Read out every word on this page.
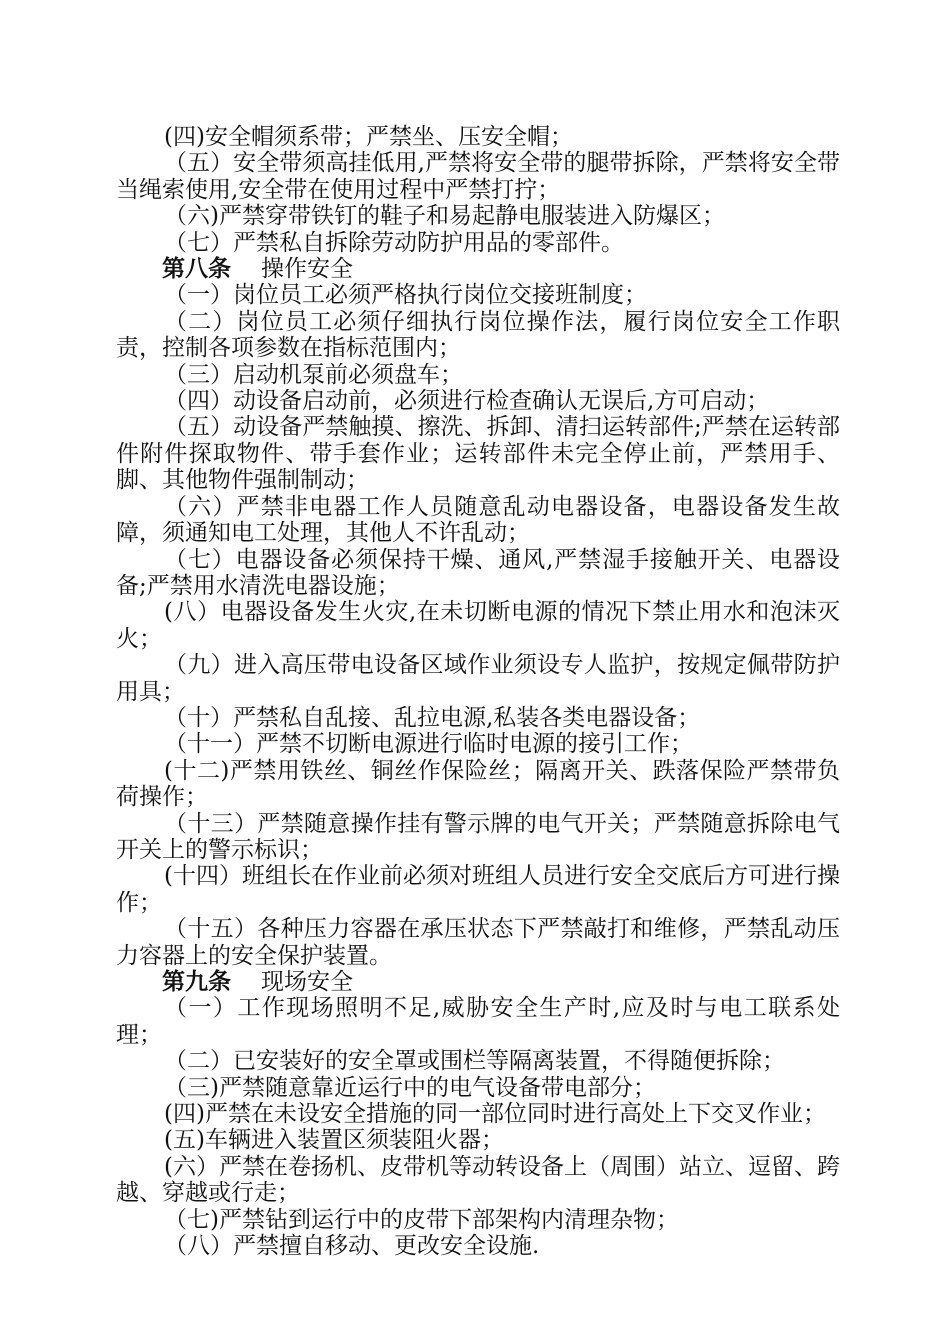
(四)安全帽须系带；严禁坐、压安全帽；

（五）安全带须高挂低用,严禁将安全带的腿带拆除，严禁将安全带当绳索使用,安全带在使用过程中严禁打拧；

（六)严禁穿带铁钉的鞋子和易起静电服装进入防爆区；

（七）严禁私自拆除劳动防护用品的零部件。

第八条 操作安全

（一）岗位员工必须严格执行岗位交接班制度；

（二）岗位员工必须仔细执行岗位操作法，履行岗位安全工作职责，控制各项参数在指标范围内；

（三）启动机泵前必须盘车；

（四）动设备启动前，必须进行检查确认无误后,方可启动；

（五）动设备严禁触摸、擦洗、拆卸、清扫运转部件;严禁在运转部件附件探取物件、带手套作业；运转部件未完全停止前，严禁用手、脚、其他物件强制制动；

（六）严禁非电器工作人员随意乱动电器设备，电器设备发生故障，须通知电工处理，其他人不许乱动；

（七）电器设备必须保持干燥、通风,严禁湿手接触开关、电器设备;严禁用水清洗电器设施；

(八）电器设备发生火灾,在未切断电源的情况下禁止用水和泡沫灭火；

（九）进入高压带电设备区域作业须设专人监护，按规定佩带防护用具；

（十）严禁私自乱接、乱拉电源,私装各类电器设备；

（十一）严禁不切断电源进行临时电源的接引工作；

(十二)严禁用铁丝、铜丝作保险丝；隔离开关、跌落保险严禁带负荷操作；

（十三）严禁随意操作挂有警示牌的电气开关；严禁随意拆除电气开关上的警示标识；

(十四）班组长在作业前必须对班组人员进行安全交底后方可进行操作；

（十五）各种压力容器在承压状态下严禁敲打和维修，严禁乱动压力容器上的安全保护装置。

第九条 现场安全

（一）工作现场照明不足,威胁安全生产时,应及时与电工联系处理；

（二）已安装好的安全罩或围栏等隔离装置，不得随便拆除；

（三)严禁随意靠近运行中的电气设备带电部分；

(四)严禁在未设安全措施的同一部位同时进行高处上下交叉作业；

(五)车辆进入装置区须装阻火器；

(六）严禁在卷扬机、皮带机等动转设备上（周围）站立、逗留、跨越、穿越或行走；

（七)严禁钻到运行中的皮带下部架构内清理杂物；

（八）严禁擅自移动、更改安全设施.
